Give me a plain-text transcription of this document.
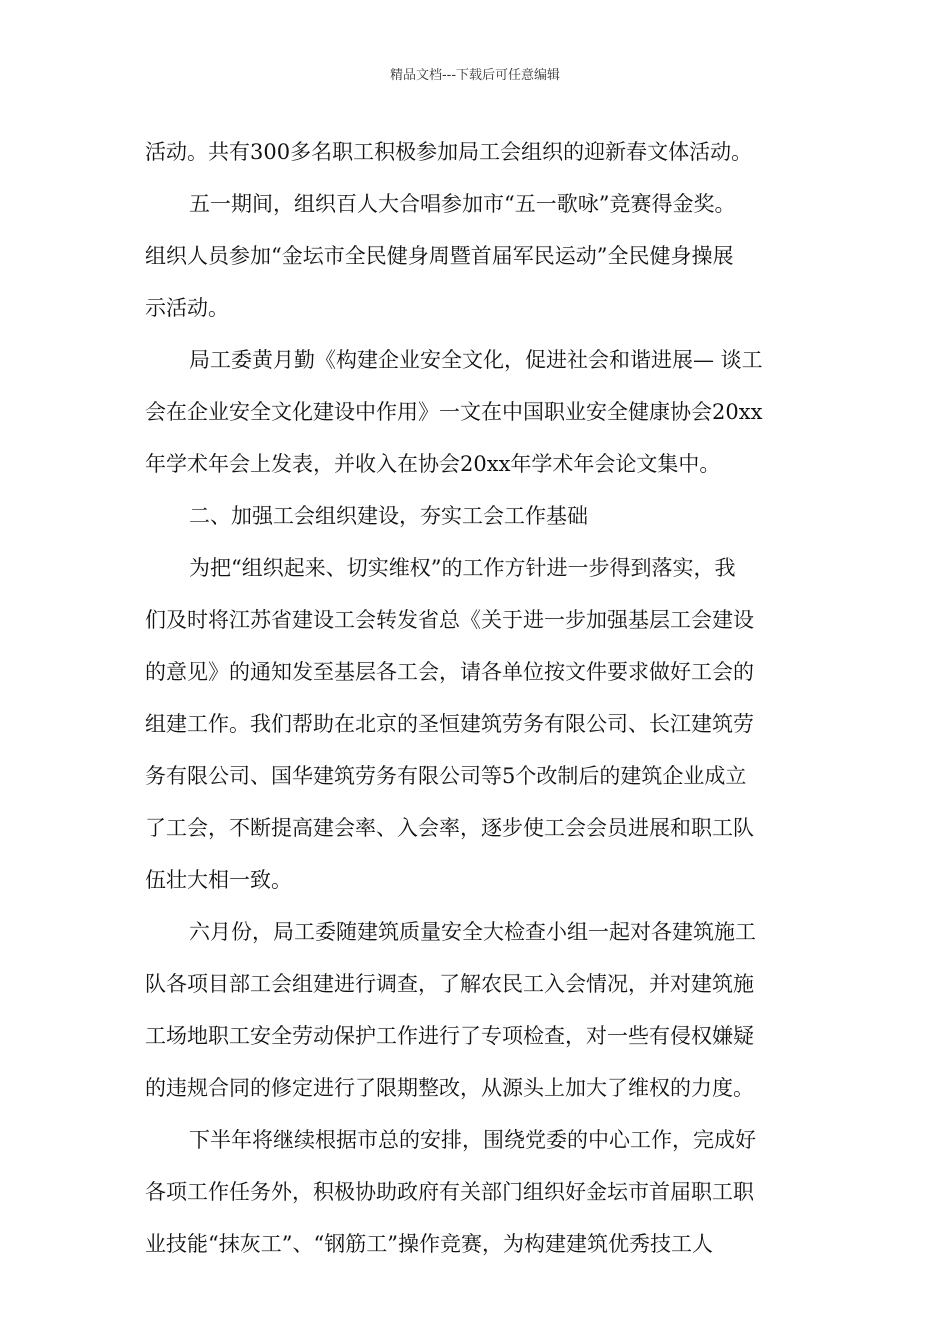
精品文档---下载后可任意编辑
活动。共有300多名职工积极参加局工会组织的迎新春文体活动。
五一期间，组织百人大合唱参加市“五一歌咏”竞赛得金奖。
组织人员参加“金坛市全民健身周暨首届军民运动”全民健身操展
示活动。
局工委黄月勤《构建企业安全文化，促进社会和谐进展— 谈工
会在企业安全文化建设中作用》一文在中国职业安全健康协会20xx
年学术年会上发表，并收入在协会20xx年学术年会论文集中。
二、加强工会组织建设，夯实工会工作基础
为把“组织起来、切实维权”的工作方针进一步得到落实，我
们及时将江苏省建设工会转发省总《关于进一步加强基层工会建设
的意见》的通知发至基层各工会，请各单位按文件要求做好工会的
组建工作。我们帮助在北京的圣恒建筑劳务有限公司、长江建筑劳
务有限公司、国华建筑劳务有限公司等5个改制后的建筑企业成立
了工会，不断提高建会率、入会率，逐步使工会会员进展和职工队
伍壮大相一致。
六月份，局工委随建筑质量安全大检查小组一起对各建筑施工
队各项目部工会组建进行调查，了解农民工入会情况，并对建筑施
工场地职工安全劳动保护工作进行了专项检查，对一些有侵权嫌疑
的违规合同的修定进行了限期整改，从源头上加大了维权的力度。
下半年将继续根据市总的安排，围绕党委的中心工作，完成好
各项工作任务外，积极协助政府有关部门组织好金坛市首届职工职
业技能“抹灰工”、“钢筋工”操作竞赛，为构建建筑优秀技工人
